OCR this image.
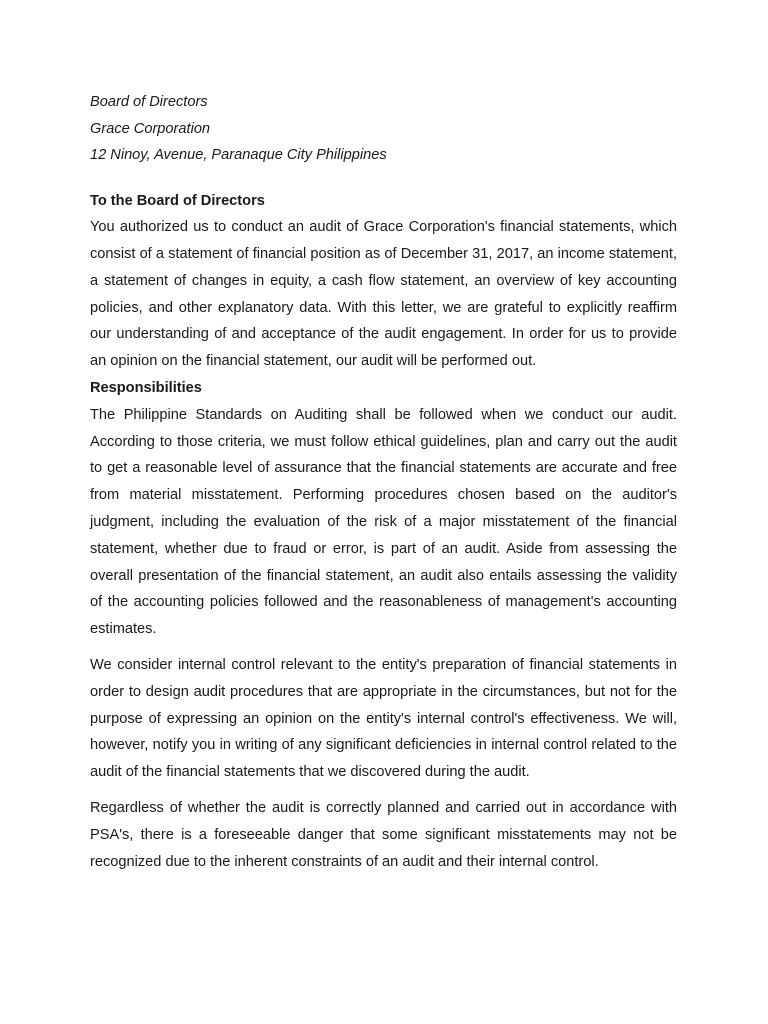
Board of Directors
Grace Corporation
12 Ninoy, Avenue, Paranaque City Philippines
To the Board of Directors

You authorized us to conduct an audit of Grace Corporation's financial statements, which consist of a statement of financial position as of December 31, 2017, an income statement, a statement of changes in equity, a cash flow statement, an overview of key accounting policies, and other explanatory data. With this letter, we are grateful to explicitly reaffirm our understanding of and acceptance of the audit engagement. In order for us to provide an opinion on the financial statement, our audit will be performed out.

Responsibilities

The Philippine Standards on Auditing shall be followed when we conduct our audit. According to those criteria, we must follow ethical guidelines, plan and carry out the audit to get a reasonable level of assurance that the financial statements are accurate and free from material misstatement. Performing procedures chosen based on the auditor's judgment, including the evaluation of the risk of a major misstatement of the financial statement, whether due to fraud or error, is part of an audit. Aside from assessing the overall presentation of the financial statement, an audit also entails assessing the validity of the accounting policies followed and the reasonableness of management's accounting estimates.

We consider internal control relevant to the entity's preparation of financial statements in order to design audit procedures that are appropriate in the circumstances, but not for the purpose of expressing an opinion on the entity's internal control's effectiveness. We will, however, notify you in writing of any significant deficiencies in internal control related to the audit of the financial statements that we discovered during the audit.

Regardless of whether the audit is correctly planned and carried out in accordance with PSA's, there is a foreseeable danger that some significant misstatements may not be recognized due to the inherent constraints of an audit and their internal control.
